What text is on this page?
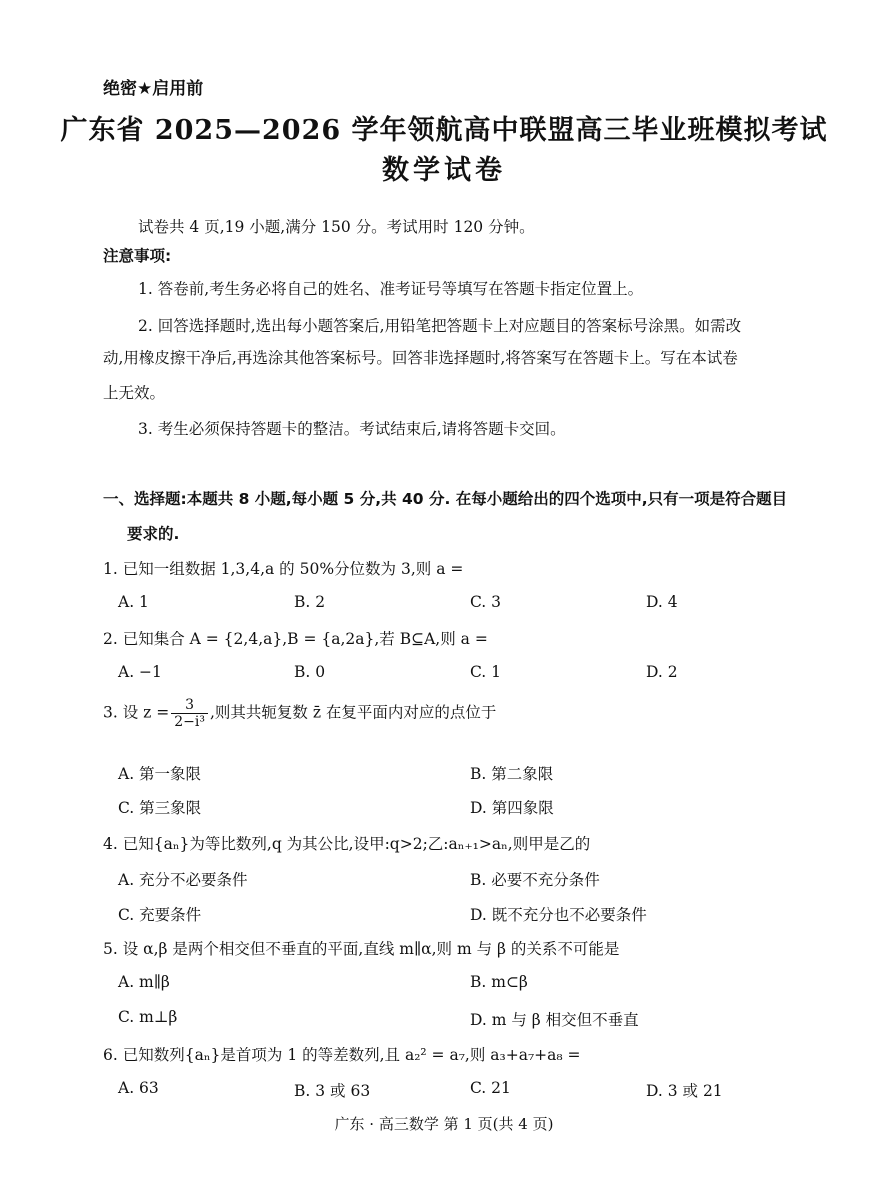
绝密★启用前
广东省 2025—2026 学年领航高中联盟高三毕业班模拟考试
数学试卷
试卷共 4 页,19 小题,满分 150 分。考试用时 120 分钟。
注意事项:
1. 答卷前,考生务必将自己的姓名、准考证号等填写在答题卡指定位置上。
2. 回答选择题时,选出每小题答案后,用铅笔把答题卡上对应题目的答案标号涂黑。如需改
动,用橡皮擦干净后,再选涂其他答案标号。回答非选择题时,将答案写在答题卡上。写在本试卷
上无效。
3. 考生必须保持答题卡的整洁。考试结束后,请将答题卡交回。
一、选择题:本题共 8 小题,每小题 5 分,共 40 分. 在每小题给出的四个选项中,只有一项是符合题目
要求的.
1. 已知一组数据 1,3,4,a 的 50%分位数为 3,则 a =
A. 1	B. 2	C. 3	D. 4
2. 已知集合 A = {2,4,a},B = {a,2a},若 B⊆A,则 a =
A. −1	B. 0	C. 1	D. 2
3. 设 $z = \frac{3}{\text{2−i³}}$ ,则其共轭复数 z̄ 在复平面内对应的点位于
A. 第一象限	B. 第二象限
C. 第三象限	D. 第四象限
4. 已知{aₙ}为等比数列,q 为其公比,设甲:q>2;乙:aₙ₊₁>aₙ,则甲是乙的
A. 充分不必要条件	B. 必要不充分条件
C. 充要条件	D. 既不充分也不必要条件
5. 设 α,β 是两个相交但不垂直的平面,直线 m∥α,则 m 与 β 的关系不可能是
A. m∥β	B. m⊂β
C. m⊥β	D. m 与 β 相交但不垂直
6. 已知数列{aₙ}是首项为 1 的等差数列,且 a₂² = a₇,则 a₃+a₇+a₈ =
A. 63	B. 3 或 63	C. 21	D. 3 或 21
广东 · 高三数学 第 1 页(共 4 页)
